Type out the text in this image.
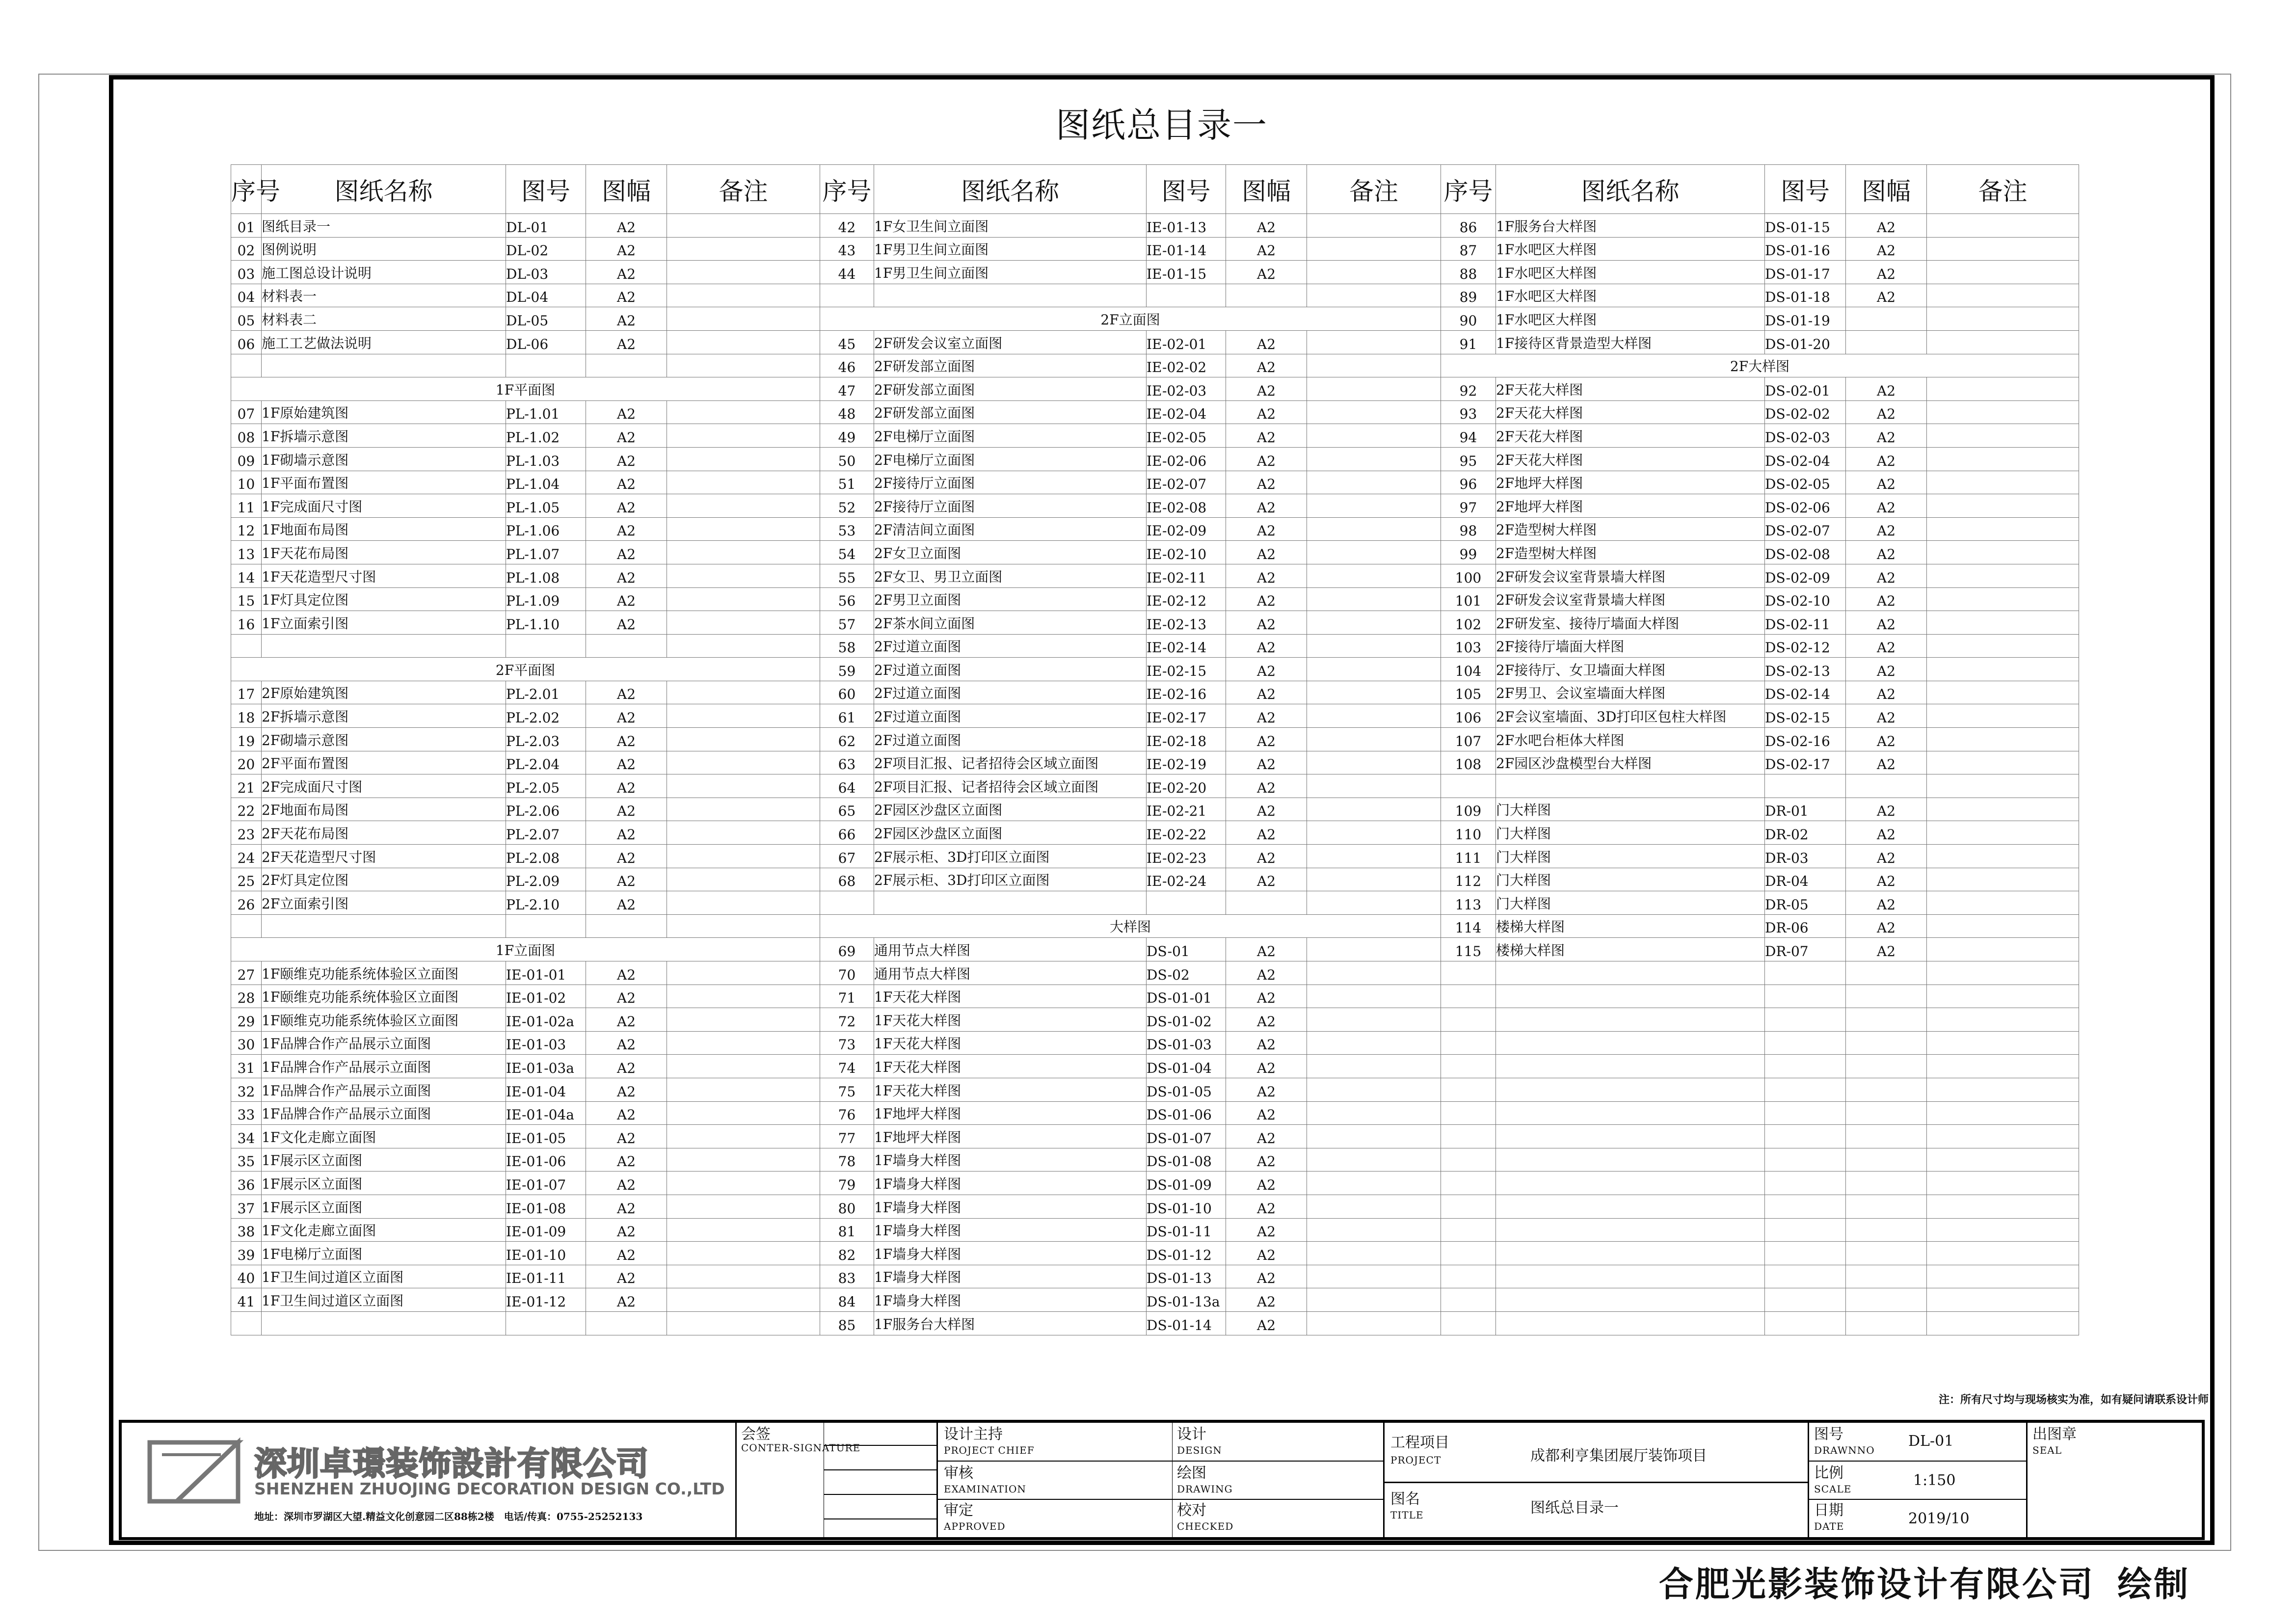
图纸总目录一
序号	图纸名称	图号	图幅	备注
01	图纸目录一	DL-01	A2	
02	图例说明	DL-02	A2	
03	施工图总设计说明	DL-03	A2	
04	材料表一	DL-04	A2	
05	材料表二	DL-05	A2	
06	施工工艺做法说明	DL-06	A2	

1F平面图				
07	1F原始建筑图	PL-1.01	A2	
08	1F拆墙示意图	PL-1.02	A2	
09	1F砌墙示意图	PL-1.03	A2	
10	1F平面布置图	PL-1.04	A2	
11	1F完成面尺寸图	PL-1.05	A2	
12	1F地面布局图	PL-1.06	A2	
13	1F天花布局图	PL-1.07	A2	
14	1F天花造型尺寸图	PL-1.08	A2	
15	1F灯具定位图	PL-1.09	A2	
16	1F立面索引图	PL-1.10	A2	

2F平面图				
17	2F原始建筑图	PL-2.01	A2	
18	2F拆墙示意图	PL-2.02	A2	
19	2F砌墙示意图	PL-2.03	A2	
20	2F平面布置图	PL-2.04	A2	
21	2F完成面尺寸图	PL-2.05	A2	
22	2F地面布局图	PL-2.06	A2	
23	2F天花布局图	PL-2.07	A2	
24	2F天花造型尺寸图	PL-2.08	A2	
25	2F灯具定位图	PL-2.09	A2	
26	2F立面索引图	PL-2.10	A2	

1F立面图				
27	1F颐维克功能系统体验区立面图	IE-01-01	A2	
28	1F颐维克功能系统体验区立面图	IE-01-02	A2	
29	1F颐维克功能系统体验区立面图	IE-01-02a	A2	
30	1F品牌合作产品展示立面图	IE-01-03	A2	
31	1F品牌合作产品展示立面图	IE-01-03a	A2	
32	1F品牌合作产品展示立面图	IE-01-04	A2	
33	1F品牌合作产品展示立面图	IE-01-04a	A2	
34	1F文化走廊立面图	IE-01-05	A2	
35	1F展示区立面图	IE-01-06	A2	
36	1F展示区立面图	IE-01-07	A2	
37	1F展示区立面图	IE-01-08	A2	
38	1F文化走廊立面图	IE-01-09	A2	
39	1F电梯厅立面图	IE-01-10	A2	
40	1F卫生间过道区立面图	IE-01-11	A2	
41	1F卫生间过道区立面图	IE-01-12	A2	

序号	图纸名称	图号	图幅	备注
42	1F女卫生间立面图	IE-01-13	A2	
43	1F男卫生间立面图	IE-01-14	A2	
44	1F男卫生间立面图	IE-01-15	A2	

2F立面图				
45	2F研发会议室立面图	IE-02-01	A2	
46	2F研发部立面图	IE-02-02	A2	
47	2F研发部立面图	IE-02-03	A2	
48	2F研发部立面图	IE-02-04	A2	
49	2F电梯厅立面图	IE-02-05	A2	
50	2F电梯厅立面图	IE-02-06	A2	
51	2F接待厅立面图	IE-02-07	A2	
52	2F接待厅立面图	IE-02-08	A2	
53	2F清洁间立面图	IE-02-09	A2	
54	2F女卫立面图	IE-02-10	A2	
55	2F女卫、男卫立面图	IE-02-11	A2	
56	2F男卫立面图	IE-02-12	A2	
57	2F茶水间立面图	IE-02-13	A2	
58	2F过道立面图	IE-02-14	A2	
59	2F过道立面图	IE-02-15	A2	
60	2F过道立面图	IE-02-16	A2	
61	2F过道立面图	IE-02-17	A2	
62	2F过道立面图	IE-02-18	A2	
63	2F项目汇报、记者招待会区域立面图	IE-02-19	A2	
64	2F项目汇报、记者招待会区域立面图	IE-02-20	A2	
65	2F园区沙盘区立面图	IE-02-21	A2	
66	2F园区沙盘区立面图	IE-02-22	A2	
67	2F展示柜、3D打印区立面图	IE-02-23	A2	
68	2F展示柜、3D打印区立面图	IE-02-24	A2	

大样图				
69	通用节点大样图	DS-01	A2	
70	通用节点大样图	DS-02	A2	
71	1F天花大样图	DS-01-01	A2	
72	1F天花大样图	DS-01-02	A2	
73	1F天花大样图	DS-01-03	A2	
74	1F天花大样图	DS-01-04	A2	
75	1F天花大样图	DS-01-05	A2	
76	1F地坪大样图	DS-01-06	A2	
77	1F地坪大样图	DS-01-07	A2	
78	1F墙身大样图	DS-01-08	A2	
79	1F墙身大样图	DS-01-09	A2	
80	1F墙身大样图	DS-01-10	A2	
81	1F墙身大样图	DS-01-11	A2	
82	1F墙身大样图	DS-01-12	A2	
83	1F墙身大样图	DS-01-13	A2	
84	1F墙身大样图	DS-01-13a	A2	
85	1F服务台大样图	DS-01-14	A2	
序号	图纸名称	图号	图幅	备注
86	1F服务台大样图	DS-01-15	A2	
87	1F水吧区大样图	DS-01-16	A2	
88	1F水吧区大样图	DS-01-17	A2	
89	1F水吧区大样图	DS-01-18	A2	
90	1F水吧区大样图	DS-01-19		
91	1F接待区背景造型大样图	DS-01-20		
2F大样图				
92	2F天花大样图	DS-02-01	A2	
93	2F天花大样图	DS-02-02	A2	
94	2F天花大样图	DS-02-03	A2	
95	2F天花大样图	DS-02-04	A2	
96	2F地坪大样图	DS-02-05	A2	
97	2F地坪大样图	DS-02-06	A2	
98	2F造型树大样图	DS-02-07	A2	
99	2F造型树大样图	DS-02-08	A2	
100	2F研发会议室背景墙大样图	DS-02-09	A2	
101	2F研发会议室背景墙大样图	DS-02-10	A2	
102	2F研发室、接待厅墙面大样图	DS-02-11	A2	
103	2F接待厅墙面大样图	DS-02-12	A2	
104	2F接待厅、女卫墙面大样图	DS-02-13	A2	
105	2F男卫、会议室墙面大样图	DS-02-14	A2	
106	2F会议室墙面、3D打印区包柱大样图	DS-02-15	A2	
107	2F水吧台柜体大样图	DS-02-16	A2	
108	2F园区沙盘模型台大样图	DS-02-17	A2	

109	门大样图	DR-01	A2	
110	门大样图	DR-02	A2	
111	门大样图	DR-03	A2	
112	门大样图	DR-04	A2	
113	门大样图	DR-05	A2	
114	楼梯大样图	DR-06	A2	
115	楼梯大样图	DR-07	A2	

注：所有尺寸均与现场核实为准，如有疑问请联系设计师
深圳卓璟装饰設計有限公司
SHENZHEN ZHUOJING DECORATION DESIGN CO.,LTD
地址：深圳市罗湖区大望.精益文化创意园二区88栋2楼　电话/传真：0755-25252133
会签
CONTER-SIGNATURE
设计主持
PROJECT CHIEF
审核
EXAMINATION
审定
APPROVED
设计
DESIGN
绘图
DRAWING
校对
CHECKED
工程项目
PROJECT	成都利亨集团展厅装饰项目
图名
TITLE	图纸总目录一
图号
DRAWNNO
DL-01
比例
SCALE	1:150
日期
DATE	2019/10
出图章
SEAL
合肥光影装饰设计有限公司 绘制
